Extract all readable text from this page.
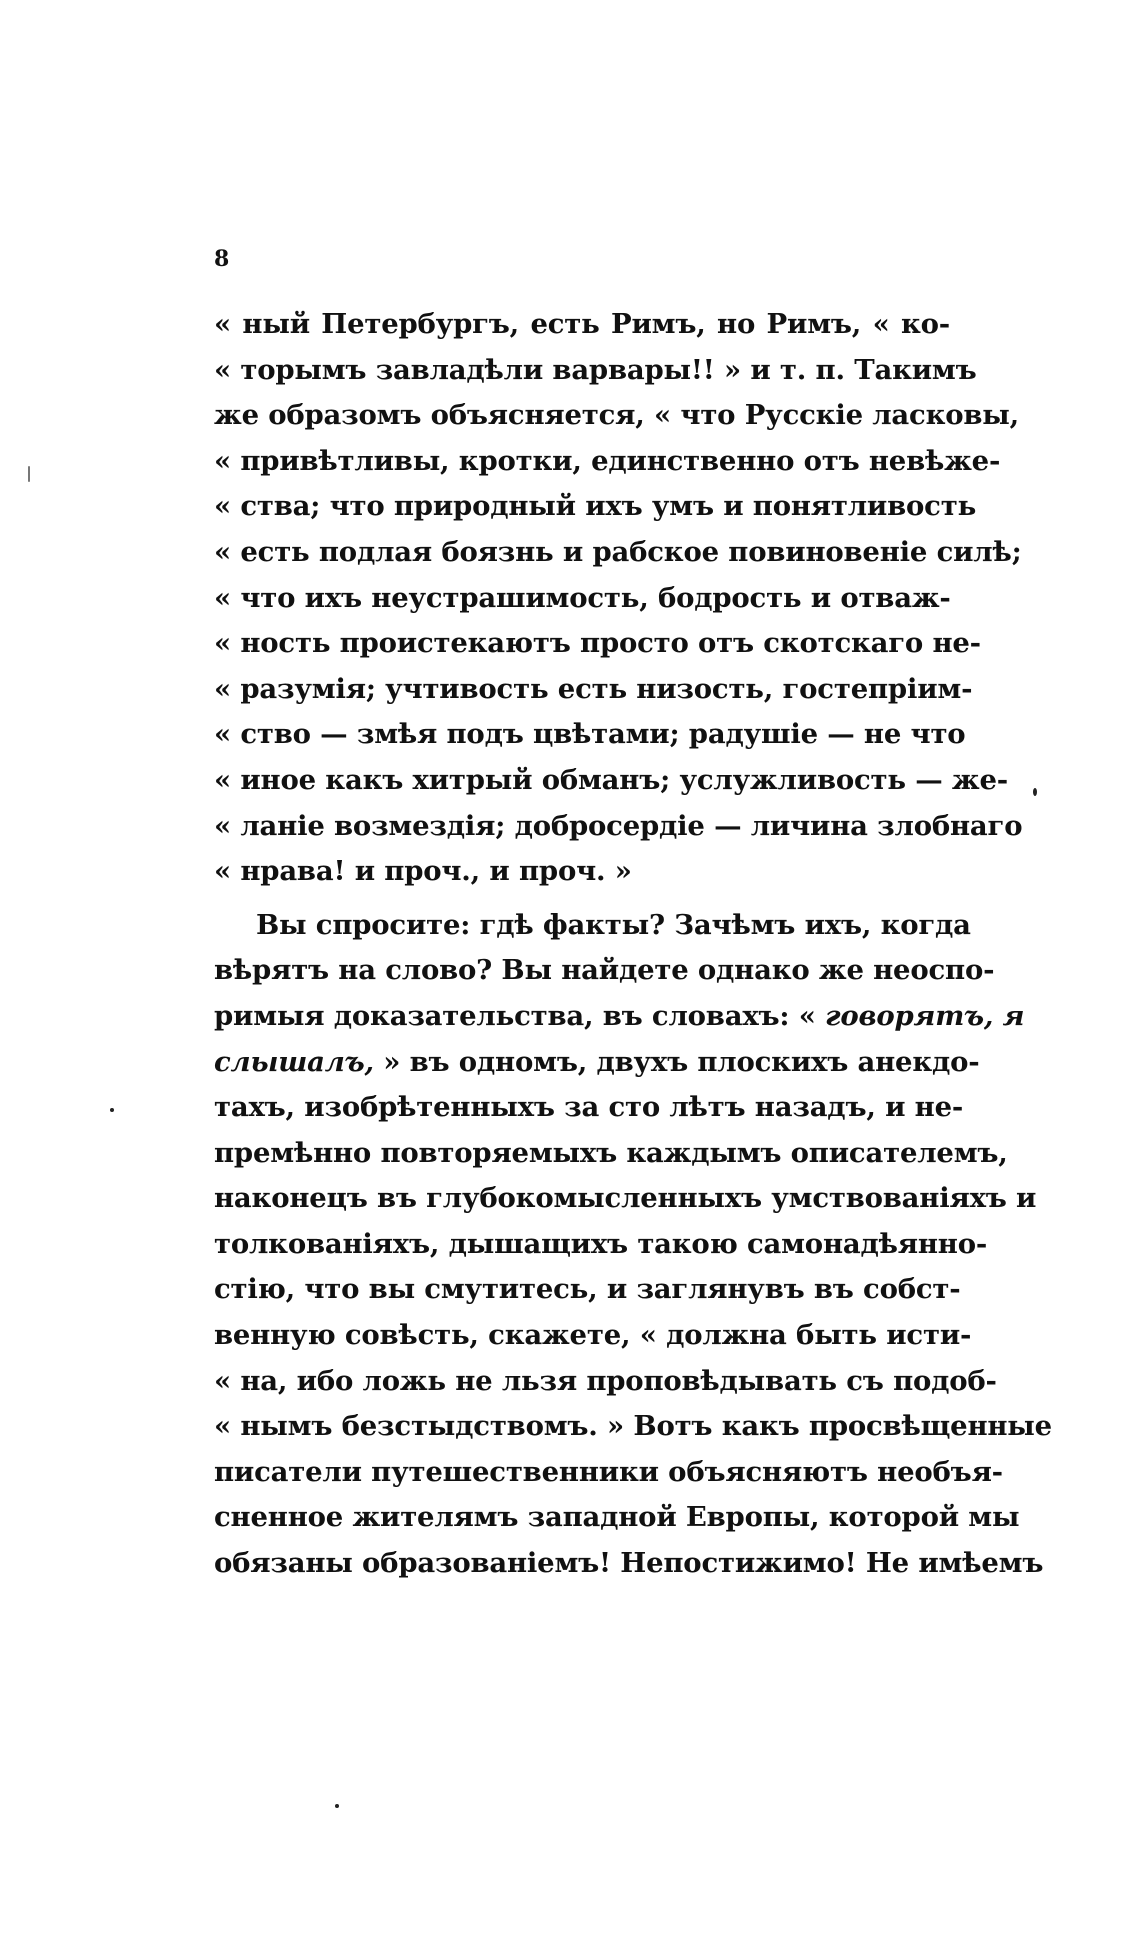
8
« ный Петербургъ, есть Римъ, но Римъ, « ко-
« торымъ завладѣли варвары!! » и т. п. Такимъ
же образомъ объясняется, « что Русскіе ласковы,
« привѣтливы, кротки, единственно отъ невѣже-
« ства; что природный ихъ умъ и понятливость
« есть подлая боязнь и рабское повиновеніе силѣ;
« что ихъ неустрашимость, бодрость и отваж-
« ность проистекаютъ просто отъ скотскаго не-
« разумія; учтивость есть низость, гостепріим-
« ство — змѣя подъ цвѣтами; радушіе — не что
« иное какъ хитрый обманъ; услужливость — же-
« ланіе возмездія; добросердіе — личина злобнаго
« нрава! и проч., и проч. »
Вы спросите: гдѣ факты? Зачѣмъ ихъ, когда
вѣрятъ на слово? Вы найдете однако же неоспо-
римыя доказательства, въ словахъ: « говорятъ, я
слышалъ, » въ одномъ, двухъ плоскихъ анекдо-
тахъ, изобрѣтенныхъ за сто лѣтъ назадъ, и не-
премѣнно повторяемыхъ каждымъ описателемъ,
наконецъ въ глубокомысленныхъ умствованіяхъ и
толкованіяхъ, дышащихъ такою самонадѣянно-
стію, что вы смутитесь, и заглянувъ въ собст-
венную совѣсть, скажете, « должна быть исти-
« на, ибо ложь не льзя проповѣдывать съ подоб-
« нымъ безстыдствомъ. » Вотъ какъ просвѣщенные
писатели путешественники объясняютъ необъя-
сненное жителямъ западной Европы, которой мы
обязаны образованіемъ! Непостижимо! Не имѣемъ
